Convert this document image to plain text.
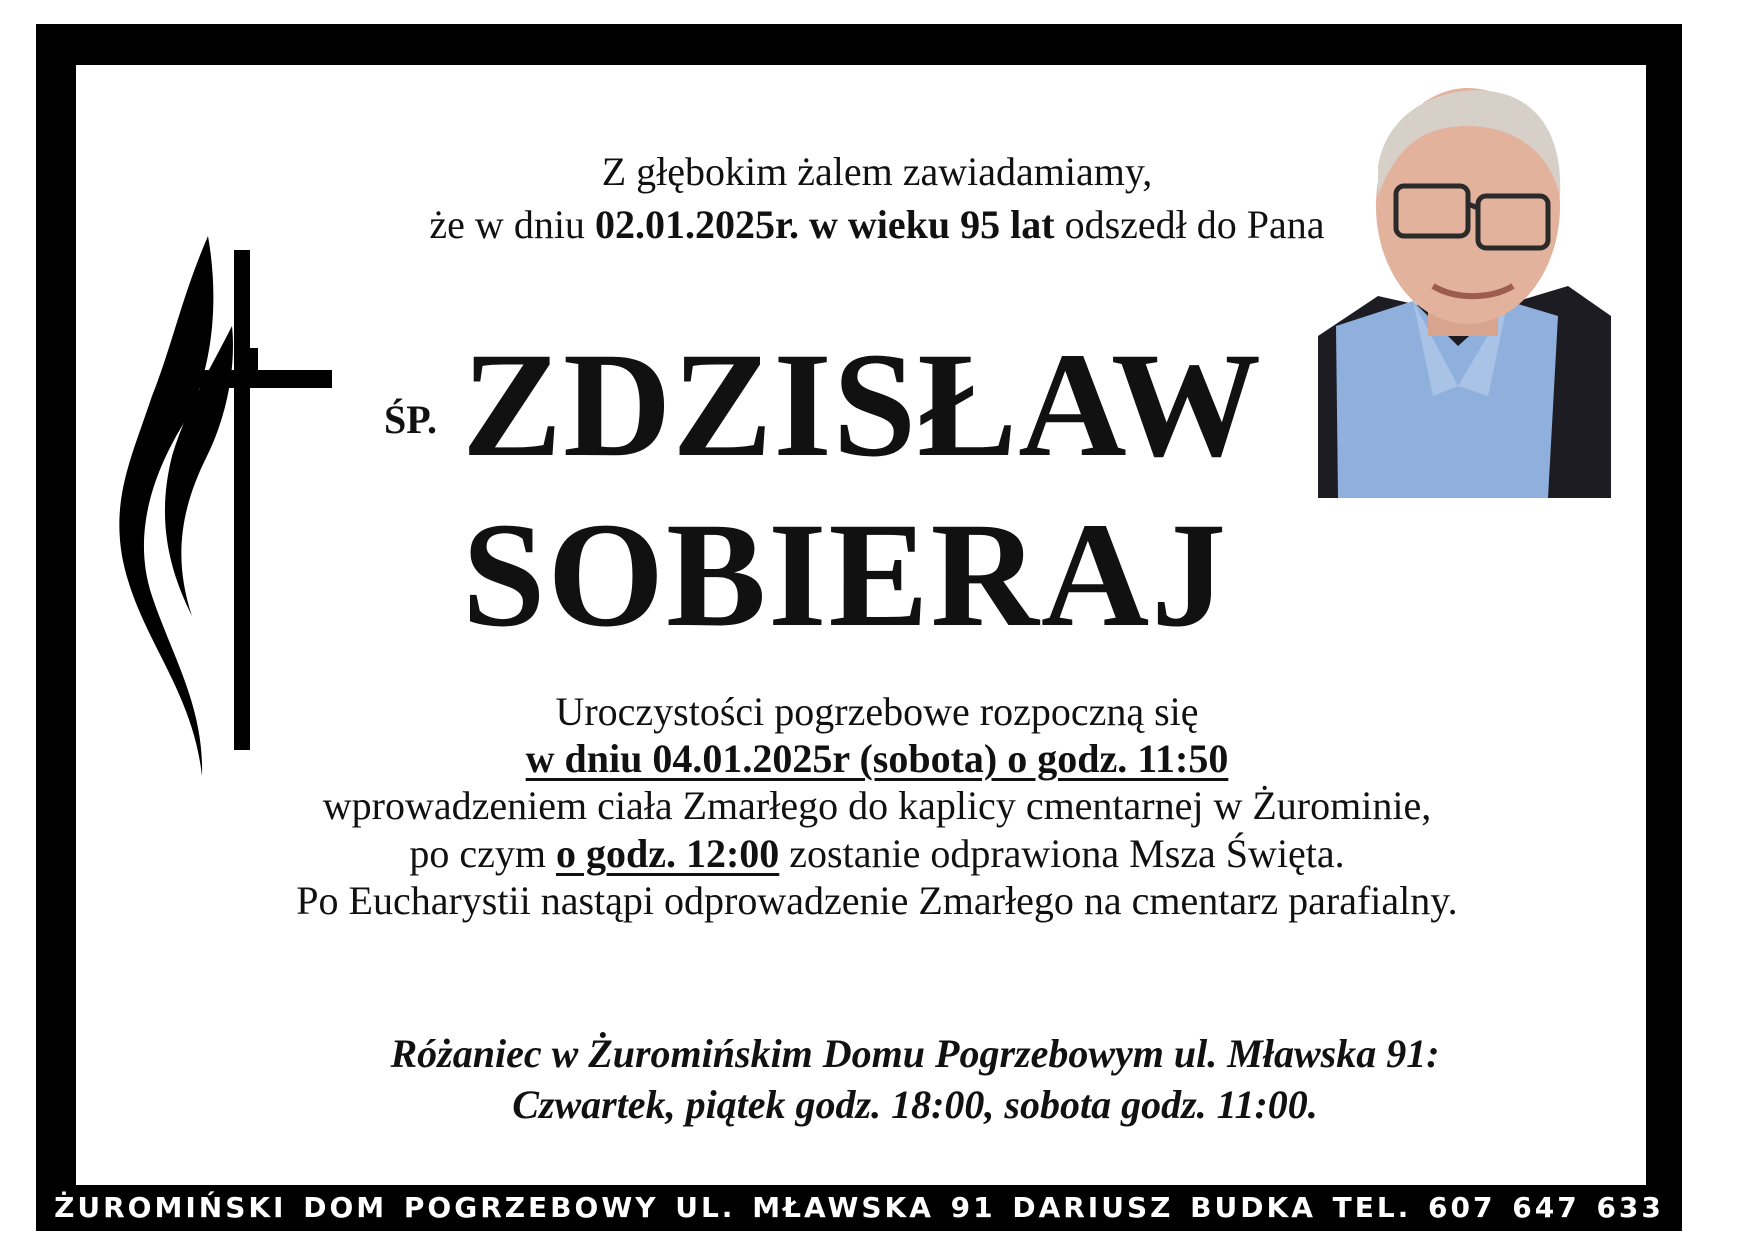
Z głębokim żalem zawiadamiamy,
że w dniu 02.01.2025r. w wieku 95 lat odszedł do Pana
ŚP. ZDZISŁAW
SOBIERAJ
Uroczystości pogrzebowe rozpoczną się
w dniu 04.01.2025r (sobota) o godz. 11:50
wprowadzeniem ciała Zmarłego do kaplicy cmentarnej w Żurominie,
po czym o godz. 12:00 zostanie odprawiona Msza Święta.
Po Eucharystii nastąpi odprowadzenie Zmarłego na cmentarz parafialny.
Różaniec w Żuromińskim Domu Pogrzebowym ul. Mławska 91:
Czwartek, piątek godz. 18:00, sobota godz. 11:00.
ŻUROMIŃSKI DOM POGRZEBOWY UL. MŁAWSKA 91 DARIUSZ BUDKA TEL. 607 647 633
